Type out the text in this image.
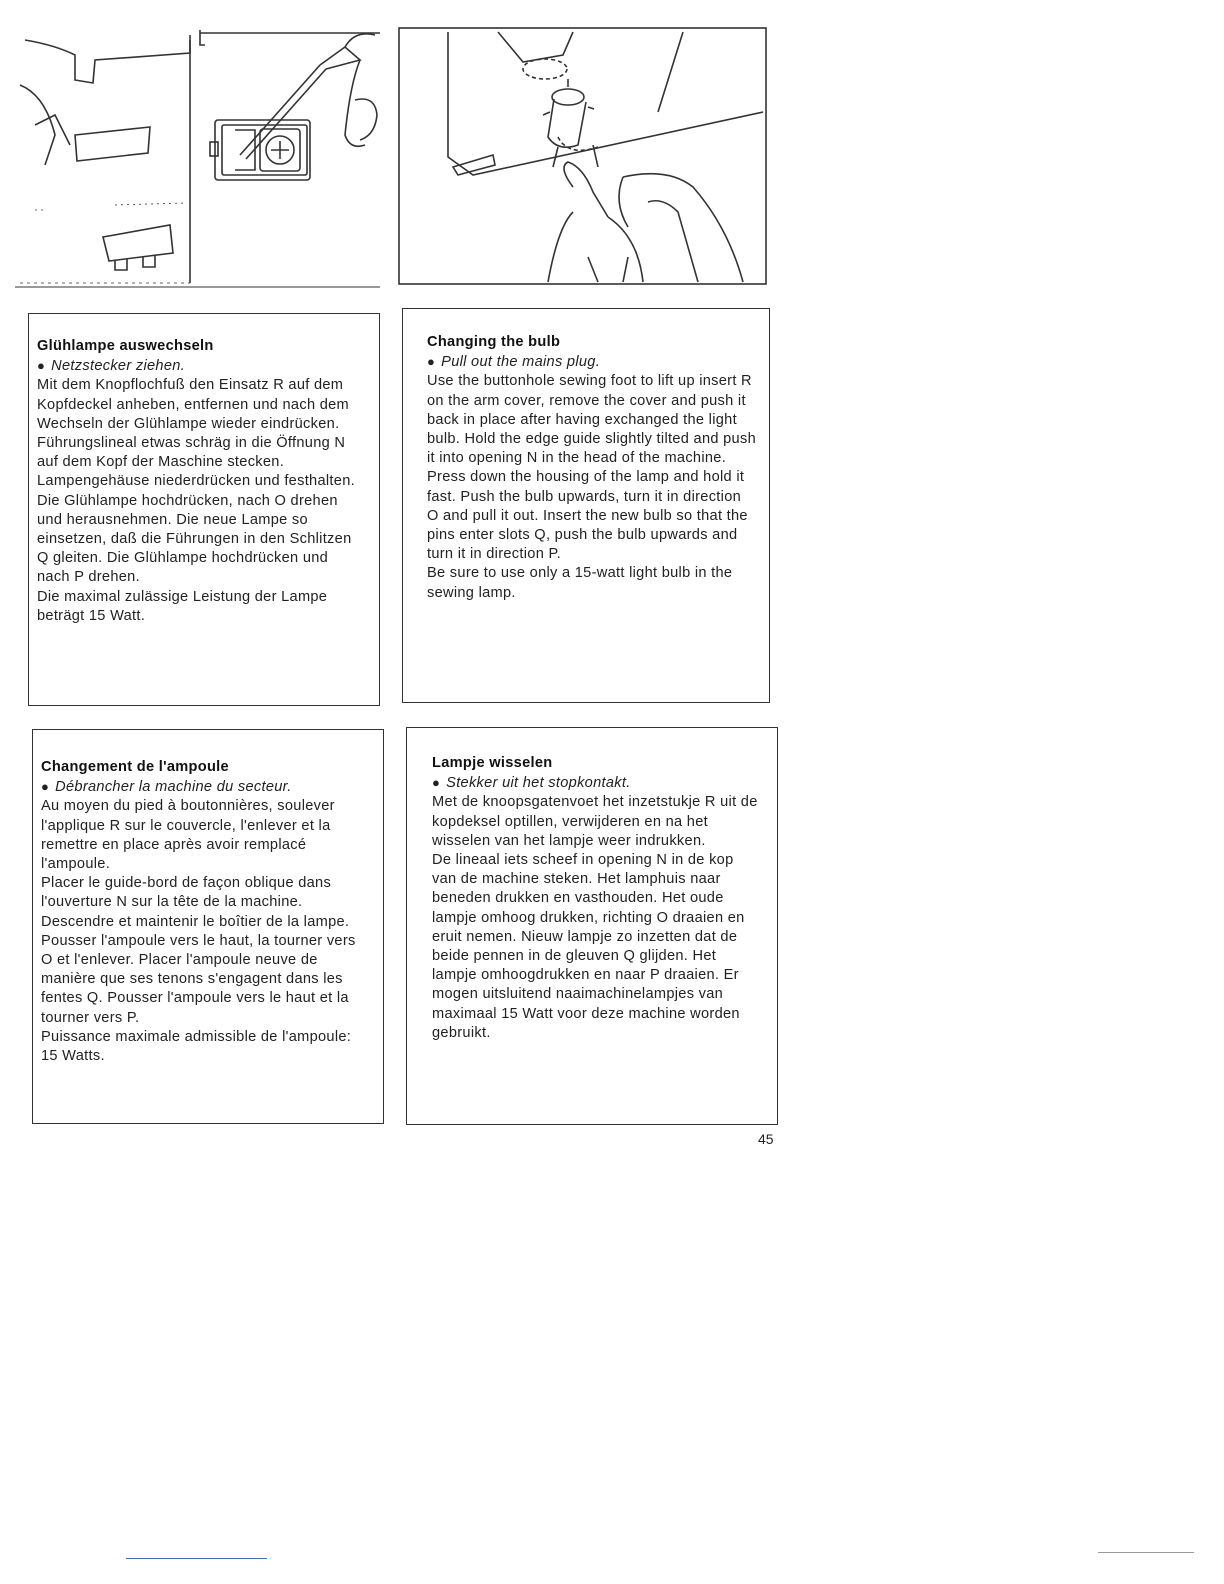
Glühlampe auswechseln
● Netzstecker ziehen.
Mit dem Knopflochfuß den Einsatz R auf dem Kopfdeckel anheben, entfernen und nach dem Wechseln der Glühlampe wieder eindrücken.
Führungslineal etwas schräg in die Öffnung N auf dem Kopf der Maschine stecken. Lampengehäuse niederdrücken und festhalten. Die Glühlampe hochdrücken, nach O drehen und herausnehmen. Die neue Lampe so einsetzen, daß die Führungen in den Schlitzen Q gleiten. Die Glühlampe hochdrücken und nach P drehen.
Die maximal zulässige Leistung der Lampe beträgt 15 Watt.
Changing the bulb
● Pull out the mains plug.
Use the buttonhole sewing foot to lift up insert R on the arm cover, remove the cover and push it back in place after having exchanged the light bulb. Hold the edge guide slightly tilted and push it into opening N in the head of the machine. Press down the housing of the lamp and hold it fast. Push the bulb upwards, turn it in direction O and pull it out. Insert the new bulb so that the pins enter slots Q, push the bulb upwards and turn it in direction P.
Be sure to use only a 15-watt light bulb in the sewing lamp.
Changement de l'ampoule
● Débrancher la machine du secteur.
Au moyen du pied à boutonnières, soulever l'applique R sur le couvercle, l'enlever et la remettre en place après avoir remplacé l'ampoule.
Placer le guide-bord de façon oblique dans l'ouverture N sur la tête de la machine. Descendre et maintenir le boîtier de la lampe. Pousser l'ampoule vers le haut, la tourner vers O et l'enlever. Placer l'ampoule neuve de manière que ses tenons s'engagent dans les fentes Q. Pousser l'ampoule vers le haut et la tourner vers P.
Puissance maximale admissible de l'ampoule: 15 Watts.
Lampje wisselen
● Stekker uit het stopkontakt.
Met de knoopsgatenvoet het inzetstukje R uit de kopdeksel optillen, verwijderen en na het wisselen van het lampje weer indrukken.
De lineaal iets scheef in opening N in de kop van de machine steken. Het lamphuis naar beneden drukken en vasthouden. Het oude lampje omhoog drukken, richting O draaien en eruit nemen. Nieuw lampje zo inzetten dat de beide pennen in de gleuven Q glijden. Het lampje omhoogdrukken en naar P draaien. Er mogen uitsluitend naaimachinelampjes van maximaal 15 Watt voor deze machine worden gebruikt.
45
